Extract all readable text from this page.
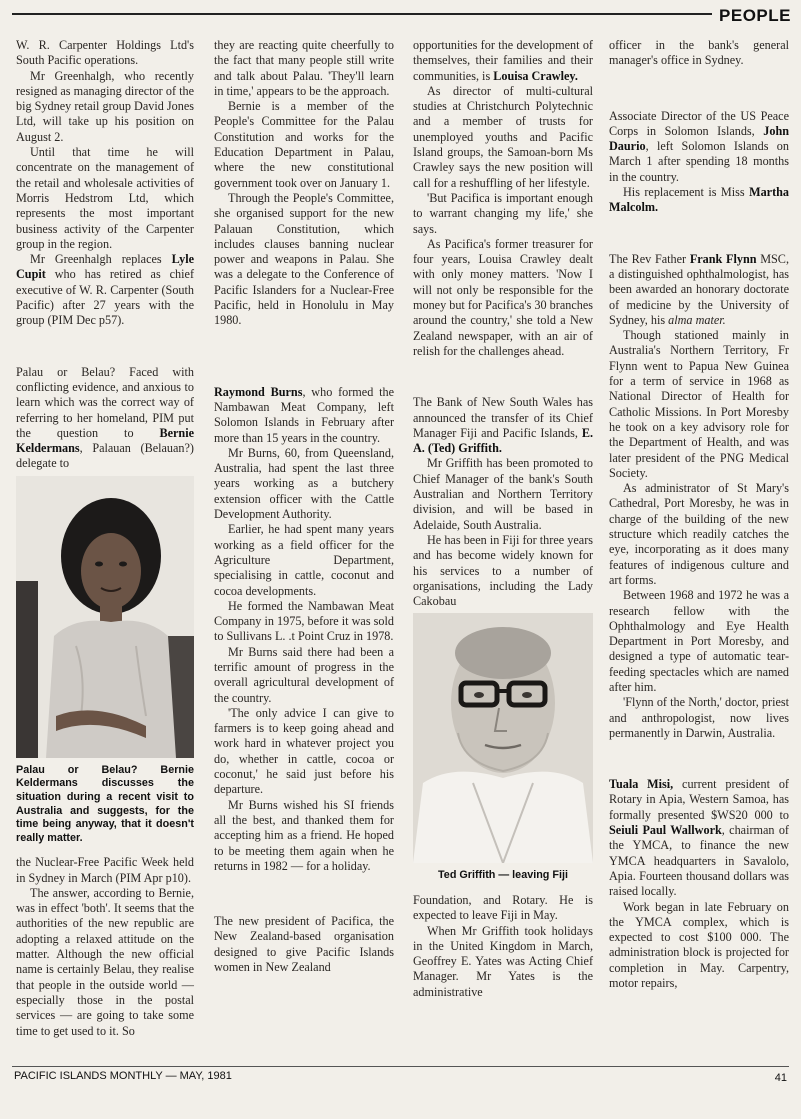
PEOPLE

W. R. Carpenter Holdings Ltd's South Pacific operations.

Mr Greenhalgh, who recently resigned as managing director of the big Sydney retail group David Jones Ltd, will take up his position on August 2.

Until that time he will concentrate on the management of the retail and wholesale activities of Morris Hedstrom Ltd, which represents the most important business activity of the Carpenter group in the region.

Mr Greenhalgh replaces Lyle Cupit who has retired as chief executive of W. R. Carpenter (South Pacific) after 27 years with the group (PIM Dec p57).

Palau or Belau? Faced with conflicting evidence, and anxious to learn which was the correct way of referring to her homeland, PIM put the question to Bernie Keldermans, Palauan (Belauan?) delegate to

Palau or Belau? Bernie Keldermans discusses the situation during a recent visit to Australia and suggests, for the time being anyway, that it doesn't really matter.

the Nuclear-Free Pacific Week held in Sydney in March (PIM Apr p10).

The answer, according to Bernie, was in effect 'both'. It seems that the authorities of the new republic are adopting a relaxed attitude on the matter. Although the new official name is certainly Belau, they realise that people in the outside world — especially those in the postal services — are going to take some time to get used to it. So

they are reacting quite cheerfully to the fact that many people still write and talk about Palau. 'They'll learn in time,' appears to be the approach.

Bernie is a member of the People's Committee for the Palau Constitution and works for the Education Department in Palau, where the new constitutional government took over on January 1.

Through the People's Committee, she organised support for the new Palauan Constitution, which includes clauses banning nuclear power and weapons in Palau. She was a delegate to the Conference of Pacific Islanders for a Nuclear-Free Pacific, held in Honolulu in May 1980.

Raymond Burns, who formed the Nambawan Meat Company, left Solomon Islands in February after more than 15 years in the country.

Mr Burns, 60, from Queensland, Australia, had spent the last three years working as a butchery extension officer with the Cattle Development Authority.

Earlier, he had spent many years working as a field officer for the Agriculture Department, specialising in cattle, coconut and cocoa developments.

He formed the Nambawan Meat Company in 1975, before it was sold to Sullivans L. .t Point Cruz in 1978.

Mr Burns said there had been a terrific amount of progress in the overall agricultural development of the country.

'The only advice I can give to farmers is to keep going ahead and work hard in whatever project you do, whether in cattle, cocoa or coconut,' he said just before his departure.

Mr Burns wished his SI friends all the best, and thanked them for accepting him as a friend. He hoped to be meeting them again when he returns in 1982 — for a holiday.

The new president of Pacifica, the New Zealand-based organisation designed to give Pacific Islands women in New Zealand

opportunities for the development of themselves, their families and their communities, is Louisa Crawley.

As director of multi-cultural studies at Christchurch Polytechnic and a member of trusts for unemployed youths and Pacific Island groups, the Samoan-born Ms Crawley says the new position will call for a reshuffling of her lifestyle.

'But Pacifica is important enough to warrant changing my life,' she says.

As Pacifica's former treasurer for four years, Louisa Crawley dealt with only money matters. 'Now I will not only be responsible for the money but for Pacifica's 30 branches around the country,' she told a New Zealand newspaper, with an air of relish for the challenges ahead.

The Bank of New South Wales has announced the transfer of its Chief Manager Fiji and Pacific Islands, E. A. (Ted) Griffith.

Mr Griffith has been promoted to Chief Manager of the bank's South Australian and Northern Territory division, and will be based in Adelaide, South Australia.

He has been in Fiji for three years and has become widely known for his services to a number of organisations, including the Lady Cakobau

Ted Griffith — leaving Fiji

Foundation, and Rotary. He is expected to leave Fiji in May.

When Mr Griffith took holidays in the United Kingdom in March, Geoffrey E. Yates was Acting Chief Manager. Mr Yates is the administrative

officer in the bank's general manager's office in Sydney.

Associate Director of the US Peace Corps in Solomon Islands, John Daurio, left Solomon Islands on March 1 after spending 18 months in the country.

His replacement is Miss Martha Malcolm.

The Rev Father Frank Flynn MSC, a distinguished ophthalmologist, has been awarded an honorary doctorate of medicine by the University of Sydney, his alma mater.

Though stationed mainly in Australia's Northern Territory, Fr Flynn went to Papua New Guinea for a term of service in 1968 as National Director of Health for Catholic Missions. In Port Moresby he took on a key advisory role for the Department of Health, and was later president of the PNG Medical Society.

As administrator of St Mary's Cathedral, Port Moresby, he was in charge of the building of the new structure which readily catches the eye, incorporating as it does many features of indigenous culture and art forms.

Between 1968 and 1972 he was a research fellow with the Ophthalmology and Eye Health Department in Port Moresby, and designed a type of automatic tear-feeding spectacles which are named after him.

'Flynn of the North,' doctor, priest and anthropologist, now lives permanently in Darwin, Australia.

Tuala Misi, current president of Rotary in Apia, Western Samoa, has formally presented $WS20 000 to Seiuli Paul Wallwork, chairman of the YMCA, to finance the new YMCA headquarters in Savalolo, Apia. Fourteen thousand dollars was raised locally.

Work began in late February on the YMCA complex, which is expected to cost $100 000. The administration block is projected for completion in May. Carpentry, motor repairs,

PACIFIC ISLANDS MONTHLY — MAY, 1981	41
